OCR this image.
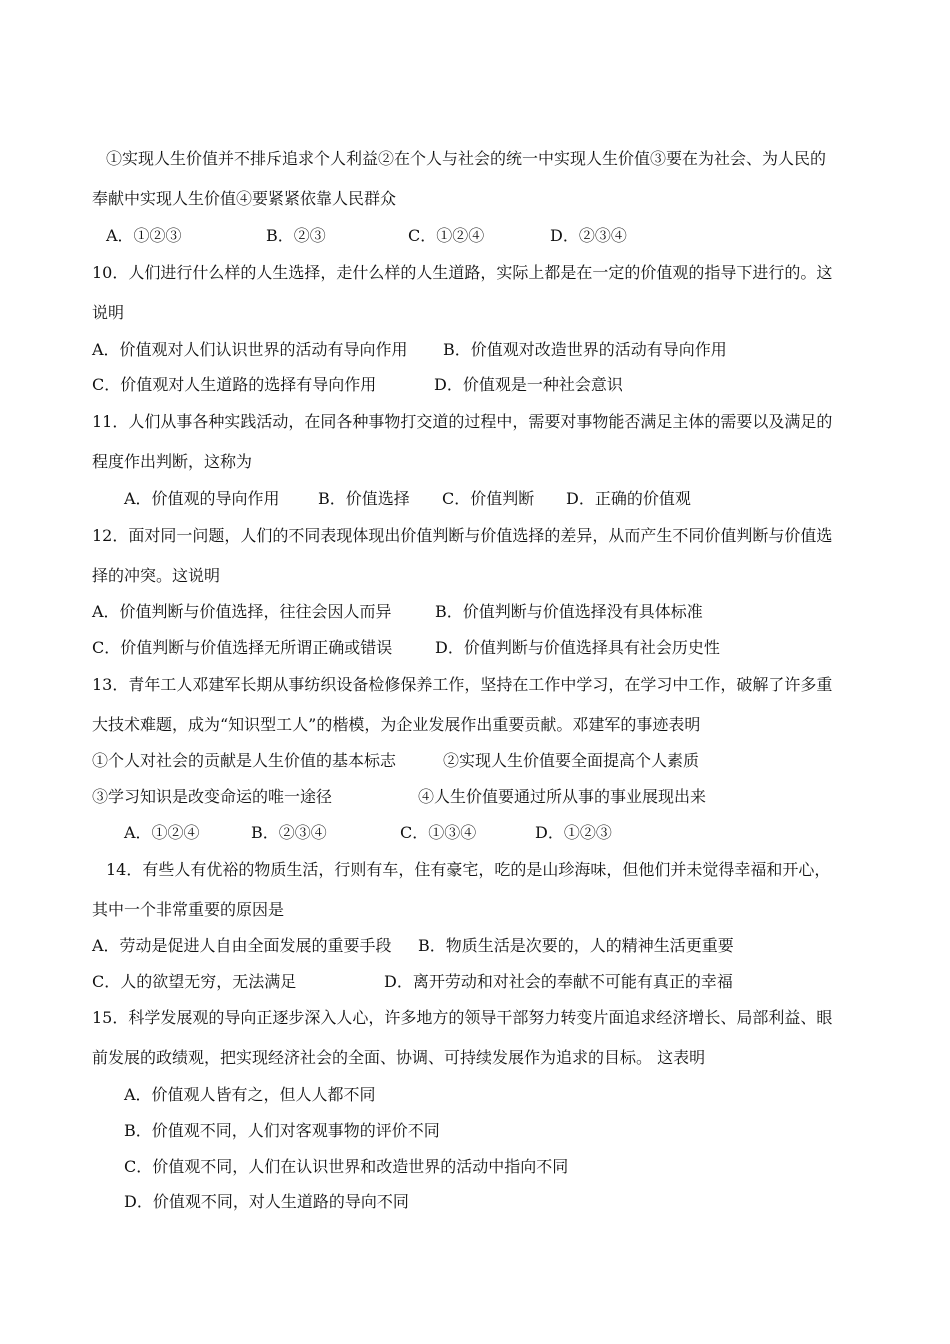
①实现人生价值并不排斥追求个人利益②在个人与社会的统一中实现人生价值③要在为社会、为人民的
奉献中实现人生价值④要紧紧依靠人民群众
A．①②③	B．②③	C．①②④	D．②③④
10．人们进行什么样的人生选择，走什么样的人生道路，实际上都是在一定的价值观的指导下进行的。这
说明
A．价值观对人们认识世界的活动有导向作用 B．价值观对改造世界的活动有导向作用
C．价值观对人生道路的选择有导向作用	D．价值观是一种社会意识
11．人们从事各种实践活动，在同各种事物打交道的过程中，需要对事物能否满足主体的需要以及满足的
程度作出判断，这称为
A．价值观的导向作用 B．价值选择 C．价值判断 D．正确的价值观
12．面对同一问题，人们的不同表现体现出价值判断与价值选择的差异，从而产生不同价值判断与价值选
择的冲突。这说明
A．价值判断与价值选择，往往会因人而异	B．价值判断与价值选择没有具体标准
C．价值判断与价值选择无所谓正确或错误	D．价值判断与价值选择具有社会历史性
13．青年工人邓建军长期从事纺织设备检修保养工作，坚持在工作中学习，在学习中工作，破解了许多重
大技术难题，成为“知识型工人”的楷模，为企业发展作出重要贡献。邓建军的事迹表明
①个人对社会的贡献是人生价值的基本标志	②实现人生价值要全面提高个人素质
③学习知识是改变命运的唯一途径	④人生价值要通过所从事的事业展现出来
A．①②④	B．②③④	C．①③④	D．①②③
14．有些人有优裕的物质生活，行则有车，住有豪宅，吃的是山珍海味，但他们并未觉得幸福和开心，
其中一个非常重要的原因是
A．劳动是促进人自由全面发展的重要手段 B．物质生活是次要的，人的精神生活更重要
C．人的欲望无穷，无法满足	D．离开劳动和对社会的奉献不可能有真正的幸福
15．科学发展观的导向正逐步深入人心，许多地方的领导干部努力转变片面追求经济增长、局部利益、眼
前发展的政绩观，把实现经济社会的全面、协调、可持续发展作为追求的目标。 这表明
A．价值观人皆有之，但人人都不同
B．价值观不同，人们对客观事物的评价不同
C．价值观不同，人们在认识世界和改造世界的活动中指向不同
D．价值观不同，对人生道路的导向不同
